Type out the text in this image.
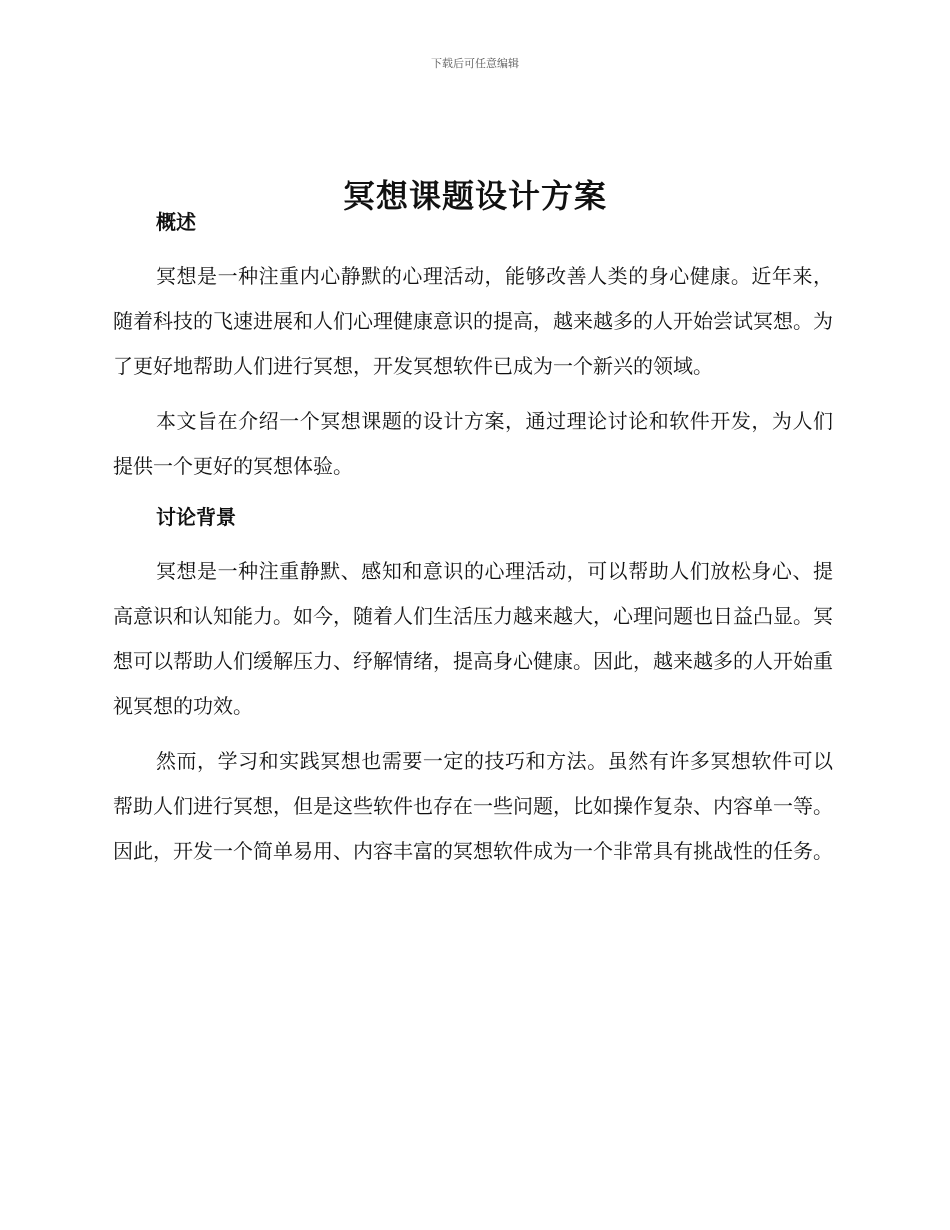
下载后可任意编辑
冥想课题设计方案
概述

冥想是一种注重内心静默的心理活动，能够改善人类的身心健康。近年来，随着科技的飞速进展和人们心理健康意识的提高，越来越多的人开始尝试冥想。为了更好地帮助人们进行冥想，开发冥想软件已成为一个新兴的领域。

本文旨在介绍一个冥想课题的设计方案，通过理论讨论和软件开发，为人们提供一个更好的冥想体验。

讨论背景

冥想是一种注重静默、感知和意识的心理活动，可以帮助人们放松身心、提高意识和认知能力。如今，随着人们生活压力越来越大，心理问题也日益凸显。冥想可以帮助人们缓解压力、纾解情绪，提高身心健康。因此，越来越多的人开始重视冥想的功效。

然而，学习和实践冥想也需要一定的技巧和方法。虽然有许多冥想软件可以帮助人们进行冥想，但是这些软件也存在一些问题，比如操作复杂、内容单一等。因此，开发一个简单易用、内容丰富的冥想软件成为一个非常具有挑战性的任务。
